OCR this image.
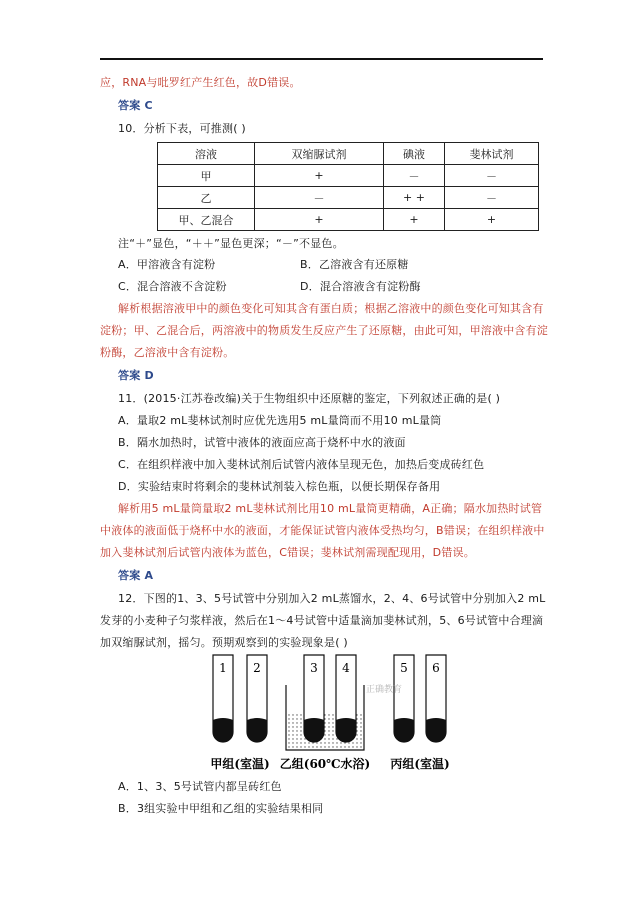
应，RNA与吡罗红产生红色，故D错误。
答案 C
10．分析下表，可推测( )
溶液	双缩脲试剂	碘液	斐林试剂
甲	+	－	－
乙	－	+ +	－
甲、乙混合	+	+	+
注“＋”显色，“＋＋”显色更深；“－”不显色。
A．甲溶液含有淀粉	B．乙溶液含有还原糖
C．混合溶液不含淀粉	D．混合溶液含有淀粉酶
解析根据溶液甲中的颜色变化可知其含有蛋白质；根据乙溶液中的颜色变化可知其含有
淀粉；甲、乙混合后，两溶液中的物质发生反应产生了还原糖，由此可知，甲溶液中含有淀
粉酶，乙溶液中含有淀粉。
答案 D
11．(2015·江苏卷改编)关于生物组织中还原糖的鉴定，下列叙述正确的是( )
A．量取2 mL斐林试剂时应优先选用5 mL量筒而不用10 mL量筒
B．隔水加热时，试管中液体的液面应高于烧杯中水的液面
C．在组织样液中加入斐林试剂后试管内液体呈现无色，加热后变成砖红色
D．实验结束时将剩余的斐林试剂装入棕色瓶，以便长期保存备用
解析用5 mL量筒量取2 mL斐林试剂比用10 mL量筒更精确，A正确；隔水加热时试管
中液体的液面低于烧杯中水的液面，才能保证试管内液体受热均匀，B错误；在组织样液中
加入斐林试剂后试管内液体为蓝色，C错误；斐林试剂需现配现用，D错误。
答案 A
12．下图的1、3、5号试管中分别加入2 mL蒸馏水，2、4、6号试管中分别加入2 mL
发芽的小麦种子匀浆样液，然后在1～4号试管中适量滴加斐林试剂，5、6号试管中合理滴
加双缩脲试剂，摇匀。预期观察到的实验现象是( )
1 2	3 4	5 6
甲组(室温) 乙组(60℃水浴) 丙组(室温)
正确教育
A．1、3、5号试管内都呈砖红色
B．3组实验中甲组和乙组的实验结果相同
